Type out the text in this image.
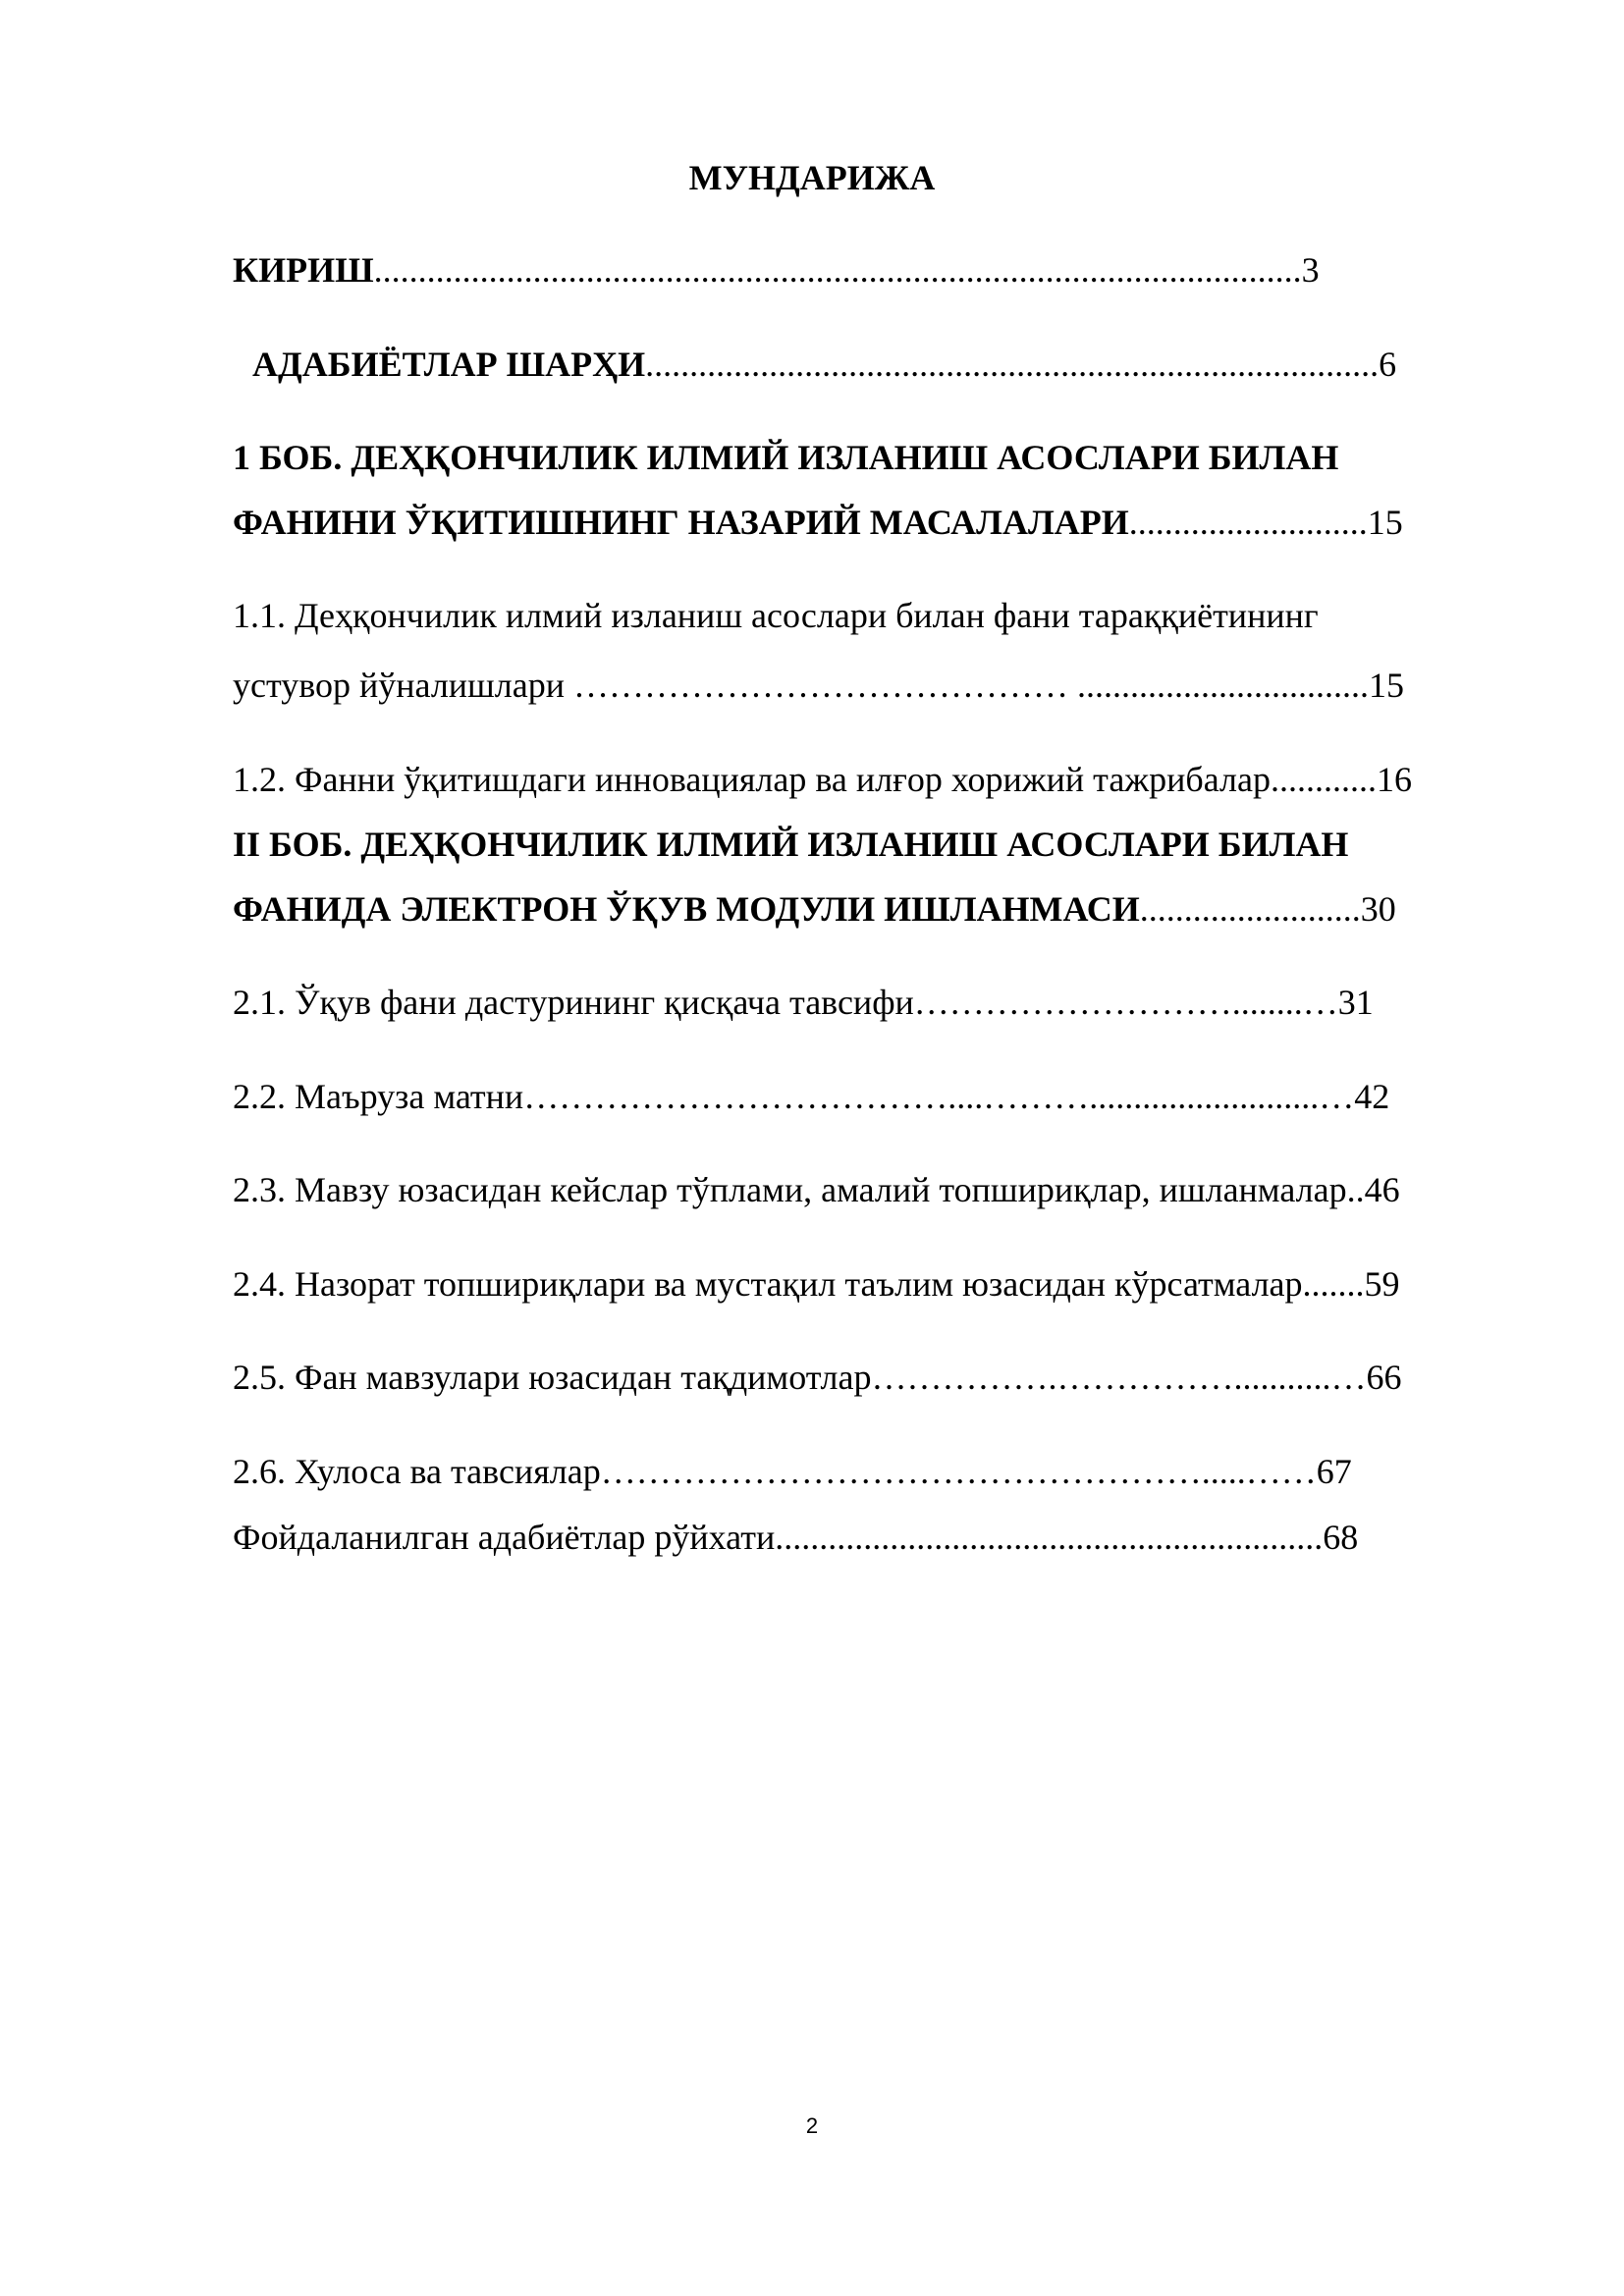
МУНДАРИЖА

КИРИШ.........................................................................................................3

АДАБИЁТЛАР ШАРҲИ...................................................................................6

1 БОБ. ДЕҲҚОНЧИЛИК ИЛМИЙ ИЗЛАНИШ АСОСЛАРИ БИЛАН

ФАНИНИ ЎҚИТИШНИНГ НАЗАРИЙ МАСАЛАЛАРИ...........................15

1.1. Деҳқончилик илмий изланиш асослари билан фани тараққиётининг

устувор йўналишлари …………………………………… .................................15

1.2. Фанни ўқитишдаги инновациялар ва илғор хорижий тажрибалар............16

II БОБ. ДЕҲҚОНЧИЛИК ИЛМИЙ ИЗЛАНИШ АСОСЛАРИ БИЛАН

ФАНИДА ЭЛЕКТРОН ЎҚУВ МОДУЛИ ИШЛАНМАСИ.........................30

2.1. Ўқув фани дастурининг қисқача тавсифи………………………........…31

2.2. Маъруза матни………………………………....………..........................…42

2.3. Мавзу юзасидан кейслар тўплами, амалий топшириқлар, ишланмалар..46

2.4. Назорат топшириқлари ва мустақил таълим юзасидан кўрсатмалар.......59

2.5. Фан мавзулари юзасидан тақдимотлар…………….……………...........…66

2.6. Хулоса ва тавсиялар…………………………………………….....……67

Фойдаланилган адабиётлар рўйхати..............................................................68

2
